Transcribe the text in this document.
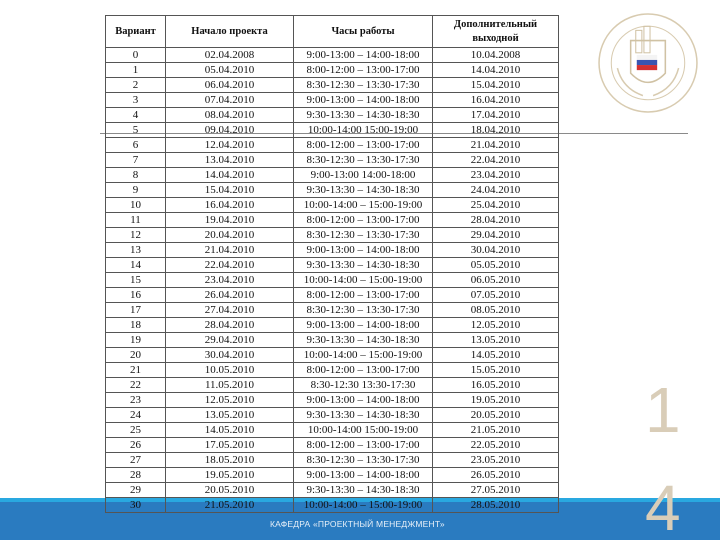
Вариант	Начало проекта	Часы работы	Дополнительный выходной
0	02.04.2008	9:00-13:00 – 14:00-18:00	10.04.2008
1	05.04.2010	8:00-12:00 – 13:00-17:00	14.04.2010
2	06.04.2010	8:30-12:30 – 13:30-17:30	15.04.2010
3	07.04.2010	9:00-13:00 – 14:00-18:00	16.04.2010
4	08.04.2010	9:30-13:30 – 14:30-18:30	17.04.2010
5	09.04.2010	10:00-14:00 15:00-19:00	18.04.2010
6	12.04.2010	8:00-12:00 – 13:00-17:00	21.04.2010
7	13.04.2010	8:30-12:30 – 13:30-17:30	22.04.2010
8	14.04.2010	9:00-13:00 14:00-18:00	23.04.2010
9	15.04.2010	9:30-13:30 – 14:30-18:30	24.04.2010
10	16.04.2010	10:00-14:00 – 15:00-19:00	25.04.2010
11	19.04.2010	8:00-12:00 – 13:00-17:00	28.04.2010
12	20.04.2010	8:30-12:30 – 13:30-17:30	29.04.2010
13	21.04.2010	9:00-13:00 – 14:00-18:00	30.04.2010
14	22.04.2010	9:30-13:30 – 14:30-18:30	05.05.2010
15	23.04.2010	10:00-14:00 – 15:00-19:00	06.05.2010
16	26.04.2010	8:00-12:00 – 13:00-17:00	07.05.2010
17	27.04.2010	8:30-12:30 – 13:30-17:30	08.05.2010
18	28.04.2010	9:00-13:00 – 14:00-18:00	12.05.2010
19	29.04.2010	9:30-13:30 – 14:30-18:30	13.05.2010
20	30.04.2010	10:00-14:00 – 15:00-19:00	14.05.2010
21	10.05.2010	8:00-12:00 – 13:00-17:00	15.05.2010
22	11.05.2010	8:30-12:30 13:30-17:30	16.05.2010
23	12.05.2010	9:00-13:00 – 14:00-18:00	19.05.2010
24	13.05.2010	9:30-13:30 – 14:30-18:30	20.05.2010
25	14.05.2010	10:00-14:00 15:00-19:00	21.05.2010
26	17.05.2010	8:00-12:00 – 13:00-17:00	22.05.2010
27	18.05.2010	8:30-12:30 – 13:30-17:30	23.05.2010
28	19.05.2010	9:00-13:00 – 14:00-18:00	26.05.2010
29	20.05.2010	9:30-13:30 – 14:30-18:30	27.05.2010
30	21.05.2010	10:00-14:00 – 15:00-19:00	28.05.2010
КАФЕДРА «ПРОЕКТНЫЙ МЕНЕДЖМЕНТ»
1
4
